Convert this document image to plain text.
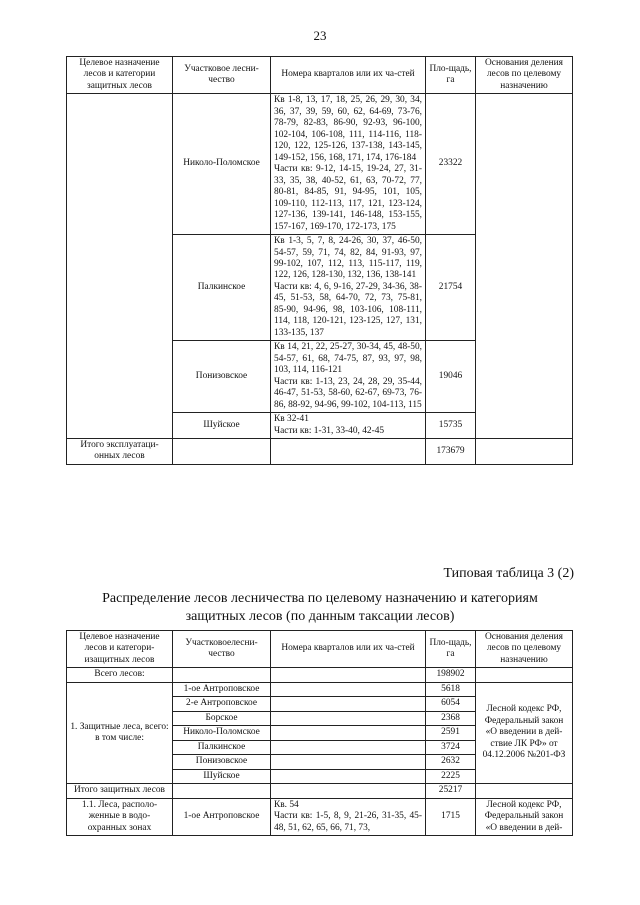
23
Целевое назначение лесов и категории защитных лесов	Участковое лесни-чество	Номера кварталов или их ча-стей	Пло-щадь, га	Основания деления лесов по целевому назначению
	Николо-Поломское	Кв 1-8, 13, 17, 18, 25, 26, 29, 30, 34, 36, 37, 39, 59, 60, 62, 64-69, 73-76, 78-79, 82-83, 86-90, 92-93, 96-100, 102-104, 106-108, 111, 114-116, 118-120, 122, 125-126, 137-138, 143-145, 149-152, 156, 168, 171, 174, 176-184
Части кв: 9-12, 14-15, 19-24, 27, 31-33, 35, 38, 40-52, 61, 63, 70-72, 77, 80-81, 84-85, 91, 94-95, 101, 105, 109-110, 112-113, 117, 121, 123-124, 127-136, 139-141, 146-148, 153-155, 157-167, 169-170, 172-173, 175	23322	
	Палкинское	Кв 1-3, 5, 7, 8, 24-26, 30, 37, 46-50, 54-57, 59, 71, 74, 82, 84, 91-93, 97, 99-102, 107, 112, 113, 115-117, 119, 122, 126, 128-130, 132, 136, 138-141
Части кв: 4, 6, 9-16, 27-29, 34-36, 38-45, 51-53, 58, 64-70, 72, 73, 75-81, 85-90, 94-96, 98, 103-106, 108-111, 114, 118, 120-121, 123-125, 127, 131, 133-135, 137	21754	
	Понизовское	Кв 14, 21, 22, 25-27, 30-34, 45, 48-50, 54-57, 61, 68, 74-75, 87, 93, 97, 98, 103, 114, 116-121
Части кв: 1-13, 23, 24, 28, 29, 35-44, 46-47, 51-53, 58-60, 62-67, 69-73, 76-86, 88-92, 94-96, 99-102, 104-113, 115	19046	
	Шуйское	Кв 32-41
Части кв: 1-31, 33-40, 42-45	15735	
Итого эксплуатаци-онных лесов			173679	
Типовая таблица 3 (2)
Распределение лесов лесничества по целевому назначению и категориям
защитных лесов (по данным таксации лесов)
Целевое назначение лесов и категори-изащитных лесов	Участковоелесни-чество	Номера кварталов или их ча-стей	Пло-щадь, га	Основания деления лесов по целевому назначению
Всего лесов:			198902	
1. Защитные леса, всего: в том числе:	1-ое Антроповское		5618	Лесной кодекс РФ, Федеральный закон «О введении в дей-ствие ЛК РФ» от 04.12.2006 №201-ФЗ
	2-е Антроповское		6054	
	Борское		2368	
	Николо-Поломское		2591	
	Палкинское		3724	
	Понизовское		2632	
	Шуйское		2225	
Итого защитных лесов			25217	
1.1. Леса, располо-женные в водо-охранных зонах	1-ое Антроповское	Кв. 54
Части кв: 1-5, 8, 9, 21-26, 31-35, 45-48, 51, 62, 65, 66, 71, 73,	1715	Лесной кодекс РФ, Федеральный закон «О введении в дей-
